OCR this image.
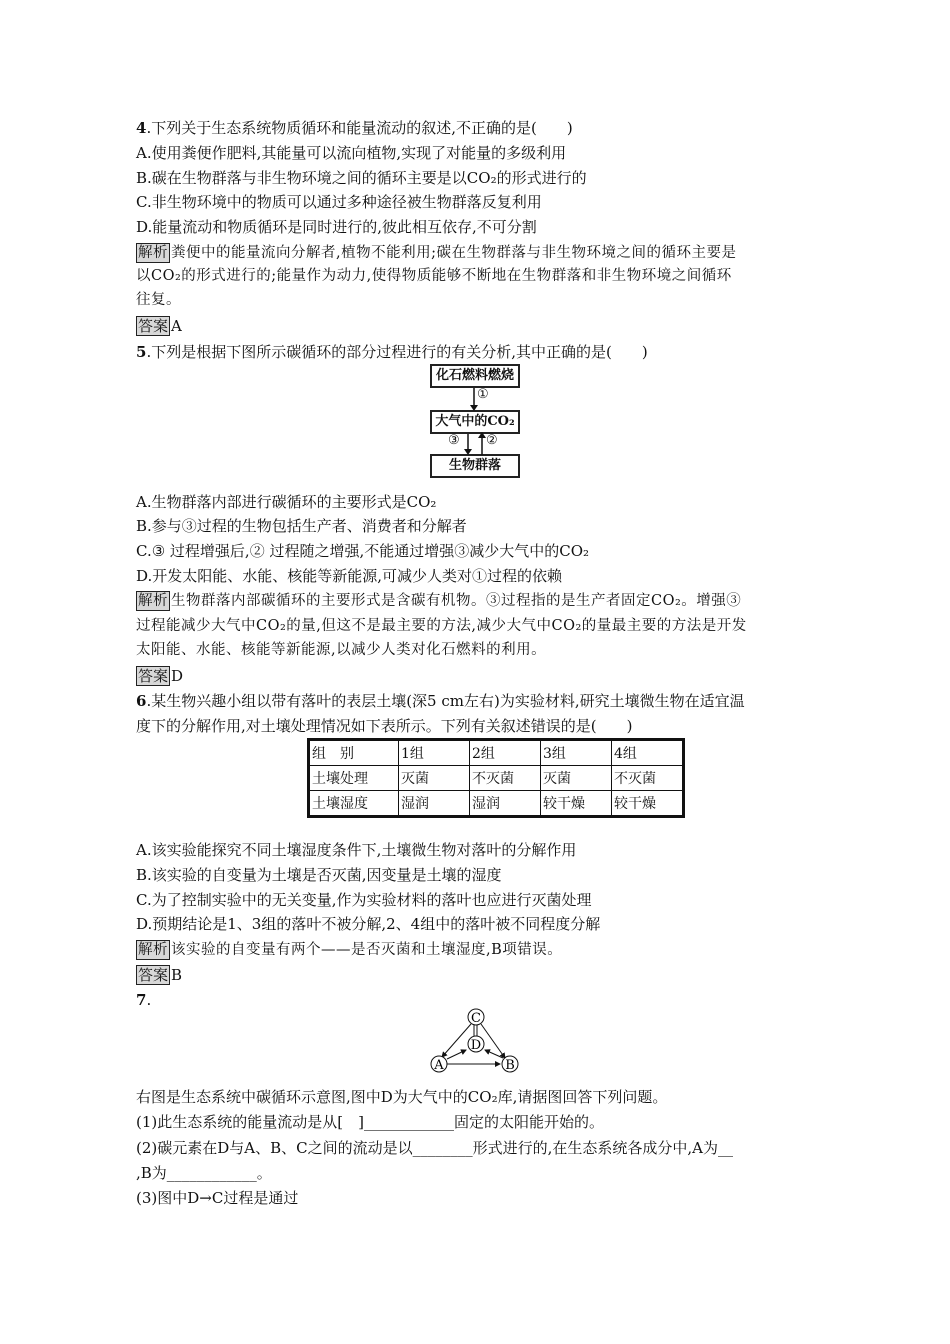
4.下列关于生态系统物质循环和能量流动的叙述,不正确的是(　　)
A.使用粪便作肥料,其能量可以流向植物,实现了对能量的多级利用
B.碳在生物群落与非生物环境之间的循环主要是以CO₂的形式进行的
C.非生物环境中的物质可以通过多种途径被生物群落反复利用
D.能量流动和物质循环是同时进行的,彼此相互依存,不可分割
解析 粪便中的能量流向分解者,植物不能利用;碳在生物群落与非生物环境之间的循环主要是
以CO₂的形式进行的;能量作为动力,使得物质能够不断地在生物群落和非生物环境之间循环
往复。
答案 A
5.下列是根据下图所示碳循环的部分过程进行的有关分析,其中正确的是(　　)
化石燃料燃烧
大气中的CO₂
生物群落
①
③ ②
A.生物群落内部进行碳循环的主要形式是CO₂
B.参与③过程的生物包括生产者、消费者和分解者
C.③ 过程增强后,② 过程随之增强,不能通过增强③减少大气中的CO₂
D.开发太阳能、水能、核能等新能源,可减少人类对①过程的依赖
解析 生物群落内部碳循环的主要形式是含碳有机物。③过程指的是生产者固定CO₂。增强③
过程能减少大气中CO₂的量,但这不是最主要的方法,减少大气中CO₂的量最主要的方法是开发
太阳能、水能、核能等新能源,以减少人类对化石燃料的利用。
答案 D
6.某生物兴趣小组以带有落叶的表层土壤(深5 cm左右)为实验材料,研究土壤微生物在适宜温
度下的分解作用,对土壤处理情况如下表所示。下列有关叙述错误的是(　　)
组　别	1组	2组	3组	4组
土壤处理	灭菌	不灭菌	灭菌	不灭菌
土壤湿度	湿润	湿润	较干燥	较干燥
A.该实验能探究不同土壤湿度条件下,土壤微生物对落叶的分解作用
B.该实验的自变量为土壤是否灭菌,因变量是土壤的湿度
C.为了控制实验中的无关变量,作为实验材料的落叶也应进行灭菌处理
D.预期结论是1、3组的落叶不被分解,2、4组中的落叶被不同程度分解
解析 该实验的自变量有两个——是否灭菌和土壤湿度,B项错误。
答案 B
7.
C
D
A	B
右图是生态系统中碳循环示意图,图中D为大气中的CO₂库,请据图回答下列问题。
(1)此生态系统的能量流动是从[　]____________固定的太阳能开始的。
(2)碳元素在D与A、B、C之间的流动是以________形式进行的,在生态系统各成分中,A为__
,B为____________。
(3)图中D→C过程是通过
